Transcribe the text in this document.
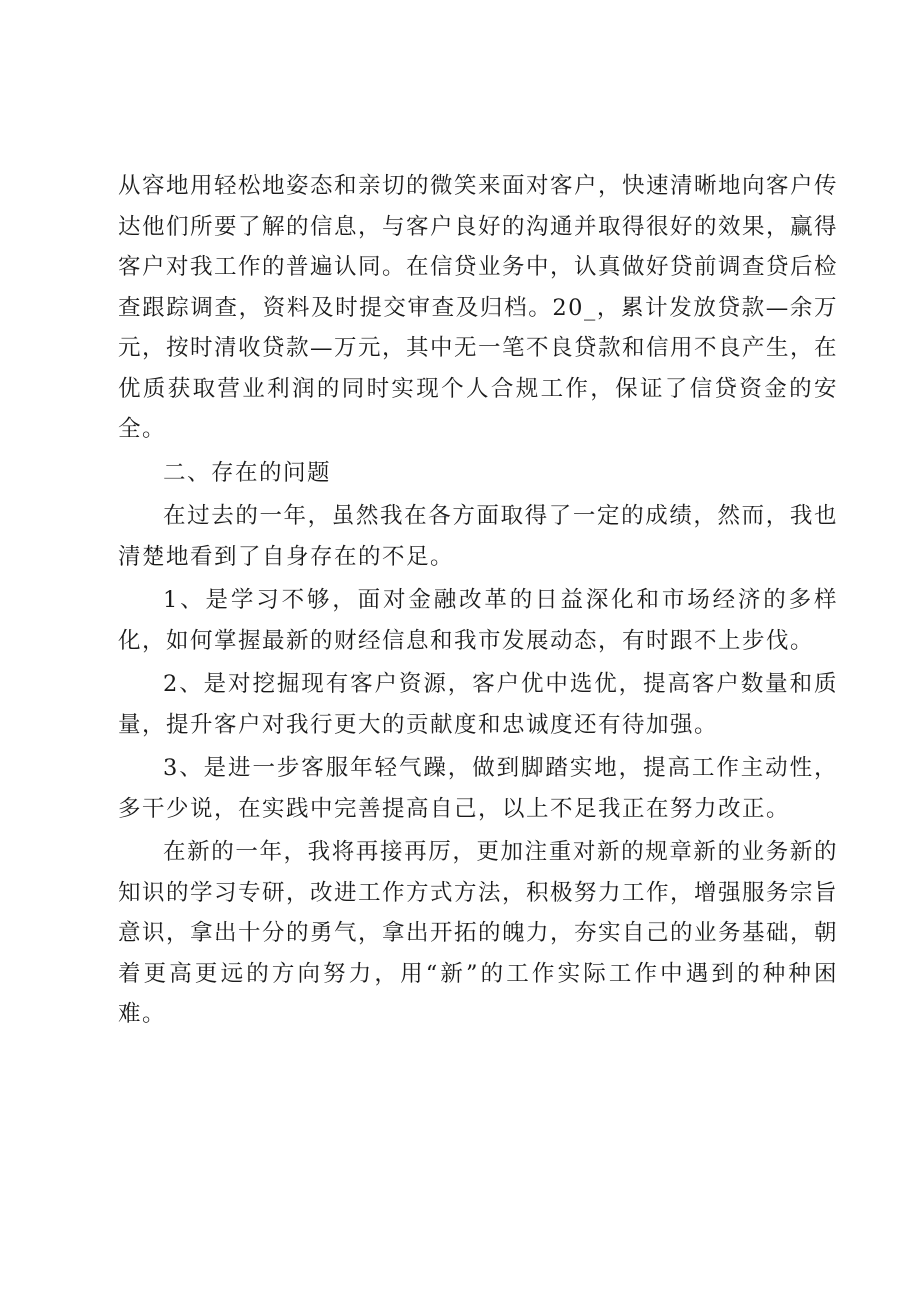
从容地用轻松地姿态和亲切的微笑来面对客户，快速清晰地向客户传达他们所要了解的信息，与客户良好的沟通并取得很好的效果，赢得客户对我工作的普遍认同。在信贷业务中，认真做好贷前调查贷后检查跟踪调查，资料及时提交审查及归档。20_，累计发放贷款—余万元，按时清收贷款—万元，其中无一笔不良贷款和信用不良产生，在优质获取营业利润的同时实现个人合规工作，保证了信贷资金的安全。

二、存在的问题

在过去的一年，虽然我在各方面取得了一定的成绩，然而，我也清楚地看到了自身存在的不足。

1、是学习不够，面对金融改革的日益深化和市场经济的多样化，如何掌握最新的财经信息和我市发展动态，有时跟不上步伐。

2、是对挖掘现有客户资源，客户优中选优，提高客户数量和质量，提升客户对我行更大的贡献度和忠诚度还有待加强。

3、是进一步客服年轻气躁，做到脚踏实地，提高工作主动性，多干少说，在实践中完善提高自己，以上不足我正在努力改正。

在新的一年，我将再接再厉，更加注重对新的规章新的业务新的知识的学习专研，改进工作方式方法，积极努力工作，增强服务宗旨意识，拿出十分的勇气，拿出开拓的魄力，夯实自己的业务基础，朝着更高更远的方向努力，用“新”的工作实际工作中遇到的种种困难。
